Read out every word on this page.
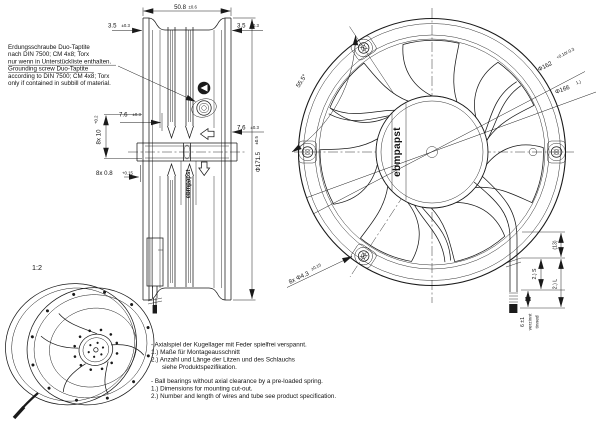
ebmpapst
50.8 ±0.6
3.5 ±0.3	3.5 ±0.3
7.6 ±0.3
7.6 ±0.3
8x 10
+0.2
8x 0.8 +0.15
Φ171.5
±0.5
Erdungsschraube Duo-Taptite
nach DIN 7500; CM 4x8; Torx
nur wenn in Unterstückliste enthalten.
Grounding screw Duo-Taptite
according to DIN 7500; CM 4x8; Torx
only if contained in subbill of material.
ebmpapst
55.5°
Φ162
+0.10/-0.3
Φ166
1.)
8x Φ4.3
±0.15
(13)
2.) S
2.) L
6 ±1 verzinnt tinned
1:2
- Axialspiel der Kugellager mit Feder spielfrei verspannt.
1.) Maße für Montageausschnitt
2.) Anzahl und Länge der Litzen und des Schlauchs
siehe Produktspezifikation.
- Ball bearings without axial clearance by a pre-loaded spring.
1.) Dimensions for mounting cut-out.
2.) Number and length of wires and tube see product specification.
